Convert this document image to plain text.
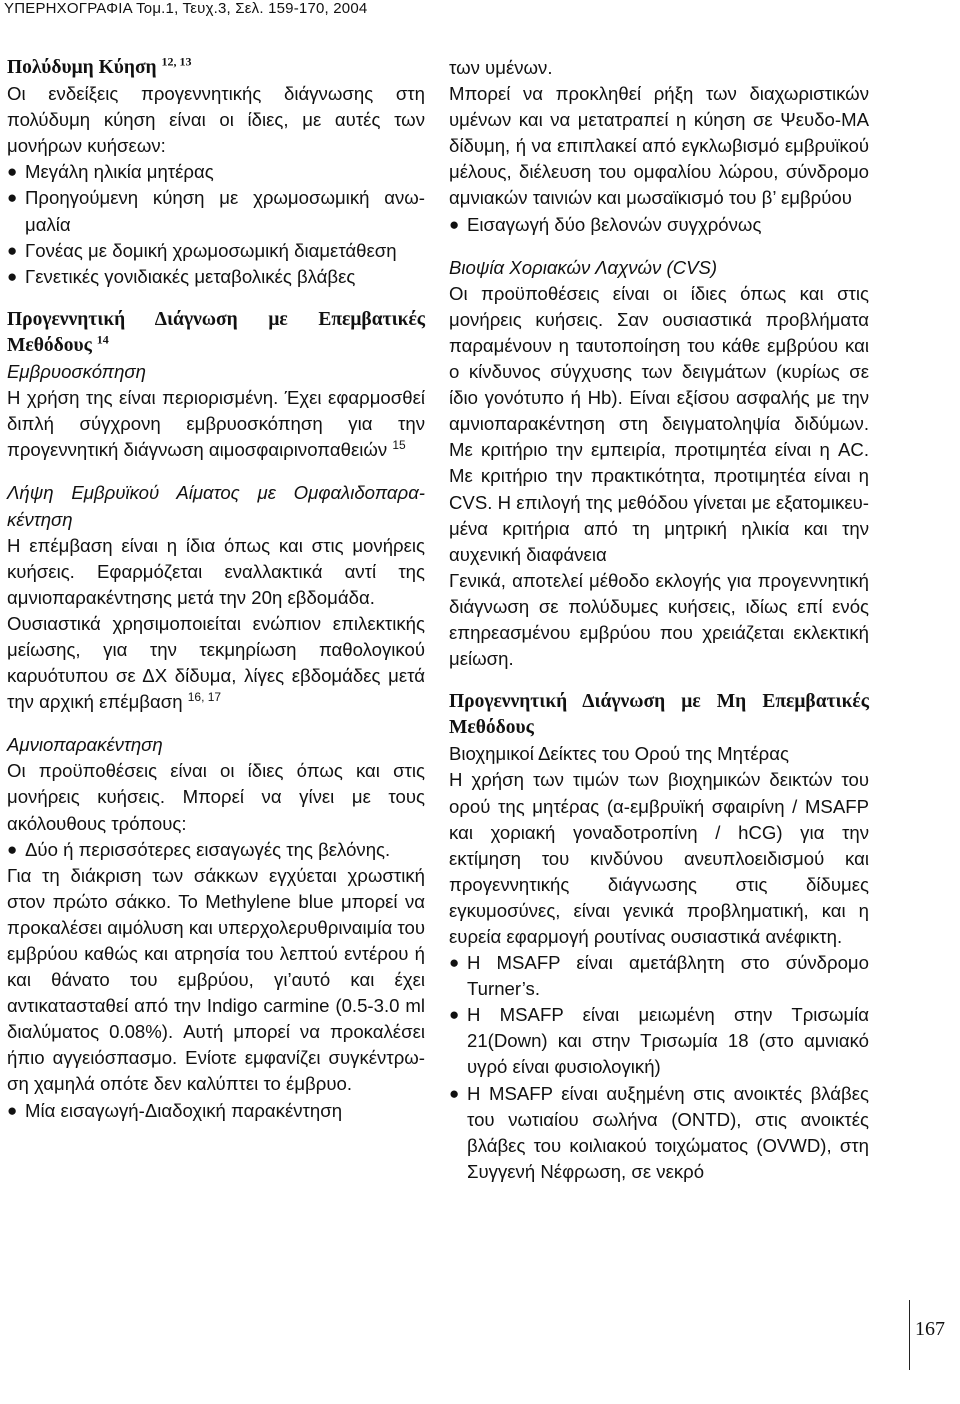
ΥΠΕΡΗΧΟΓΡΑΦΙΑ Τομ.1, Τευχ.3, Σελ. 159-170, 2004

Πολύδυμη Κύηση $^{12, 13}$

Οι ενδείξεις προγεννητικής διάγνωσης στη πολύδυμη κύηση είναι οι ίδιες, με αυτές των μονήρων κυήσεων:

● Μεγάλη ηλικία μητέρας
● Προηγούμενη κύηση με χρωμοσωμική ανωμαλία
● Γονέας με δομική χρωμοσωμική διαμετάθεση
● Γενετικές γονιδιακές μεταβολικές βλάβες

Προγεννητική Διάγνωση με Επεμβατικές Μεθόδους $^{14}$

Εμβρυοσκόπηση

Η χρήση της είναι περιορισμένη. Έχει εφαρμοσθεί διπλή σύγχρονη εμβρυοσκόπηση για την προγεννητική διάγνωση αιμοσφαιρινοπαθειών $^{15}$

Λήψη Εμβρυϊκού Αίματος με Ομφαλιδοπαρακέντηση

Η επέμβαση είναι η ίδια όπως και στις μονήρεις κυήσεις. Εφαρμόζεται εναλλακτικά αντί της αμνιοπαρακέντησης μετά την 20η εβδομάδα.

Ουσιαστικά χρησιμοποιείται ενώπιον επιλεκτικής μείωσης, για την τεκμηρίωση παθολογικού καρυότυπου σε ΔΧ δίδυμα, λίγες εβδομάδες μετά την αρχική επέμβαση $^{16, 17}$

Αμνιοπαρακέντηση

Οι προϋποθέσεις είναι οι ίδιες όπως και στις μονήρεις κυήσεις. Μπορεί να γίνει με τους ακόλουθους τρόπους:

● Δύο ή περισσότερες εισαγωγές της βελόνης.

Για τη διάκριση των σάκκων εγχύεται χρωστική στον πρώτο σάκκο. Το Methylene blue μπορεί να προκαλέσει αιμόλυση και υπερχολερυθριναιμία του εμβρύου καθώς και ατρησία του λεπτού εντέρου ή και θάνατο του εμβρύου, γι’αυτό και έχει αντικατασταθεί από την Indigo carmine (0.5-3.0 ml διαλύματος 0.08%). Αυτή μπορεί να προκαλέσει ήπιο αγγειόσπασμο. Ενίοτε εμφανίζει συγκέντρωση χαμηλά οπότε δεν καλύπτει το έμβρυο.

● Μία εισαγωγή-Διαδοχική παρακέντηση

των υμένων.

Μπορεί να προκληθεί ρήξη των διαχωριστικών υμένων και να μετατραπεί η κύηση σε Ψευδο-ΜΑ δίδυμη, ή να επιπλακεί από εγκλωβισμό εμβρυϊκού μέλους, διέλευση του ομφαλίου λώρου, σύνδρομο αμνιακών ταινιών και μωσαϊκισμό του β’ εμβρύου

● Εισαγωγή δύο βελονών συγχρόνως

Βιοψία Χοριακών Λαχνών (CVS)

Οι προϋποθέσεις είναι οι ίδιες όπως και στις μονήρεις κυήσεις. Σαν ουσιαστικά προβλήματα παραμένουν η ταυτοποίηση του κάθε εμβρύου και ο κίνδυνος σύγχυσης των δειγμάτων (κυρίως σε ίδιο γονότυπο ή Hb). Είναι εξίσου ασφαλής με την αμνιοπαρακέντηση στη δειγματοληψία διδύμων. Με κριτήριο την εμπειρία, προτιμητέα είναι η AC. Με κριτήριο την πρακτικότητα, προτιμητέα είναι η CVS. Η επιλογή της μεθόδου γίνεται με εξατομικευμένα κριτήρια από τη μητρική ηλικία και την αυχενική διαφάνεια

Γενικά, αποτελεί μέθοδο εκλογής για προγεννητική διάγνωση σε πολύδυμες κυήσεις, ιδίως επί ενός επηρεασμένου εμβρύου που χρειάζεται εκλεκτική μείωση.

Προγεννητική Διάγνωση με Μη Επεμβατικές Μεθόδους

Βιοχημικοί Δείκτες του Ορού της Μητέρας

Η χρήση των τιμών των βιοχημικών δεικτών του ορού της μητέρας (α-εμβρυϊκή σφαιρίνη / MSAFP και χοριακή γοναδοτροπίνη / hCG) για την εκτίμηση του κινδύνου ανευπλοειδισμού και προγεννητικής διάγνωσης στις δίδυμες εγκυμοσύνες, είναι γενικά προβληματική, και η ευρεία εφαρμογή ρουτίνας ουσιαστικά ανέφικτη.

● Η MSAFP είναι αμετάβλητη στο σύνδρομο Turner’s.
● Η MSAFP είναι μειωμένη στην Τρισωμία 21(Down) και στην Τρισωμία 18 (στο αμνιακό υγρό είναι φυσιολογική)
● Η MSAFP είναι αυξημένη στις ανοικτές βλάβες του νωτιαίου σωλήνα (ONTD), στις ανοικτές βλάβες του κοιλιακού τοιχώματος (OVWD), στη Συγγενή Νέφρωση, σε νεκρό
167
